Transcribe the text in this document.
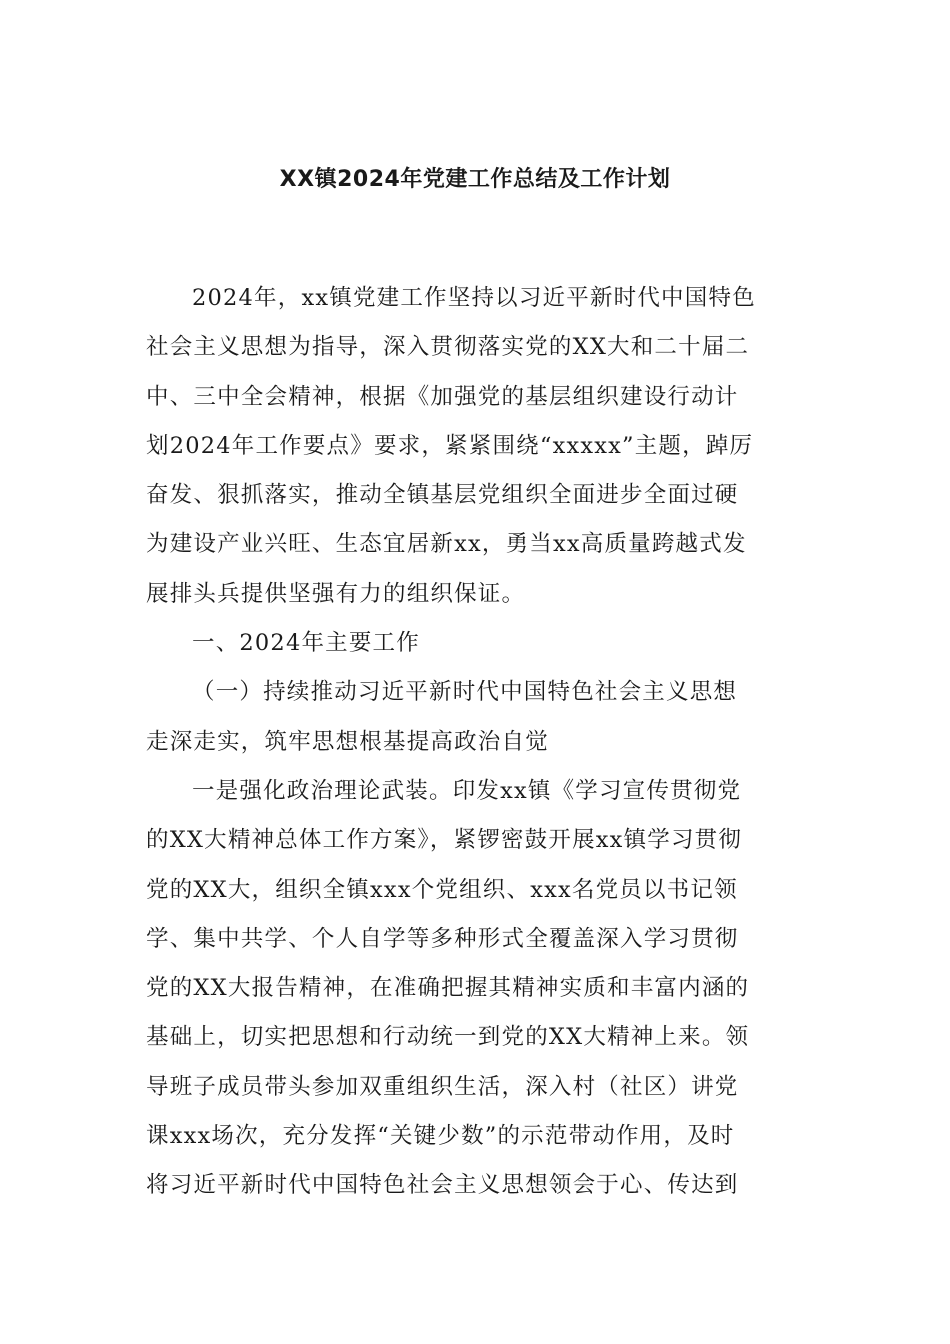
XX镇2024年党建工作总结及工作计划
2024年，xx镇党建工作坚持以习近平新时代中国特色
社会主义思想为指导，深入贯彻落实党的XX大和二十届二
中、三中全会精神，根据《加强党的基层组织建设行动计
划2024年工作要点》要求，紧紧围绕“xxxxx”主题，踔厉
奋发、狠抓落实，推动全镇基层党组织全面进步全面过硬
为建设产业兴旺、生态宜居新xx，勇当xx高质量跨越式发
展排头兵提供坚强有力的组织保证。
一、2024年主要工作
（一）持续推动习近平新时代中国特色社会主义思想
走深走实，筑牢思想根基提高政治自觉
一是强化政治理论武装。印发xx镇《学习宣传贯彻党
的XX大精神总体工作方案》，紧锣密鼓开展xx镇学习贯彻
党的XX大，组织全镇xxx个党组织、xxx名党员以书记领
学、集中共学、个人自学等多种形式全覆盖深入学习贯彻
党的XX大报告精神，在准确把握其精神实质和丰富内涵的
基础上，切实把思想和行动统一到党的XX大精神上来。领
导班子成员带头参加双重组织生活，深入村（社区）讲党
课xxx场次，充分发挥“关键少数”的示范带动作用，及时
将习近平新时代中国特色社会主义思想领会于心、传达到
